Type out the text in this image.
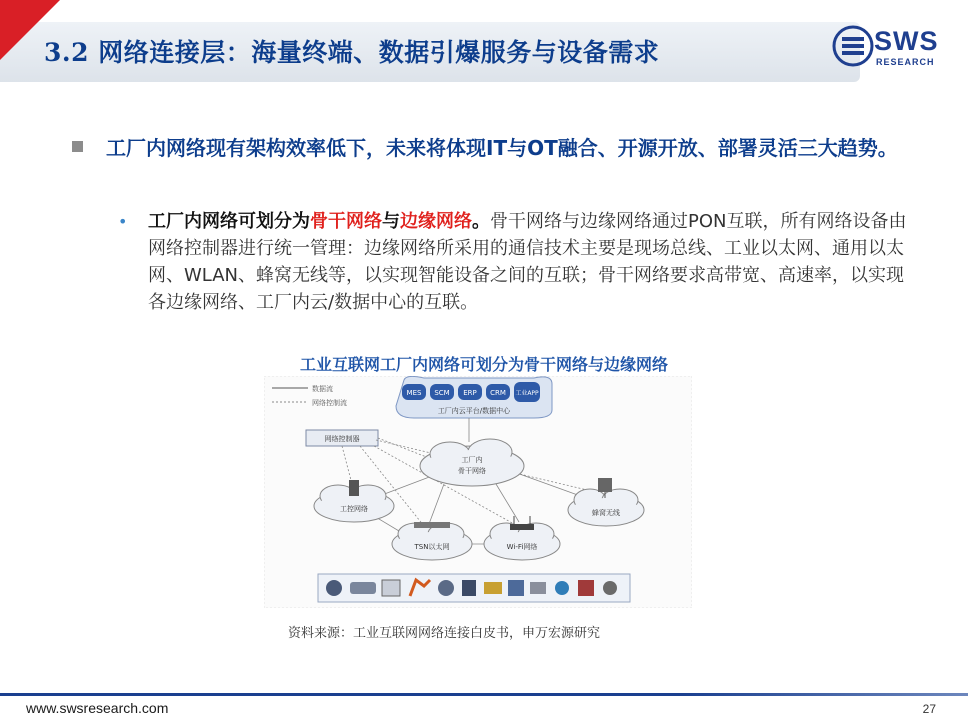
3.2 网络连接层：海量终端、数据引爆服务与设备需求	SWS
RESEARCH
工厂内网络现有架构效率低下，未来将体现IT与OT融合、开源开放、部署灵活三大趋势。
• 工厂内网络可划分为骨干网络与边缘网络。骨干网络与边缘网络通过PON互联，所有网络设备由网络控制器进行统一管理：边缘网络所采用的通信技术主要是现场总线、工业以太网、通用以太网、WLAN、蜂窝无线等，以实现智能设备之间的互联；骨干网络要求高带宽、高速率，以实现各边缘网络、工厂内云/数据中心的互联。
工业互联网工厂内网络可划分为骨干网络与边缘网络
数据流
网络控制流
MES SCM ERP CRM 工业APP
工厂内云平台/数据中心
网络控制器
工厂内
骨干网络
工控网络	蜂窝无线
TSN以太网	Wi-Fi网络
资料来源：工业互联网网络连接白皮书，申万宏源研究
www.swsresearch.com	27
